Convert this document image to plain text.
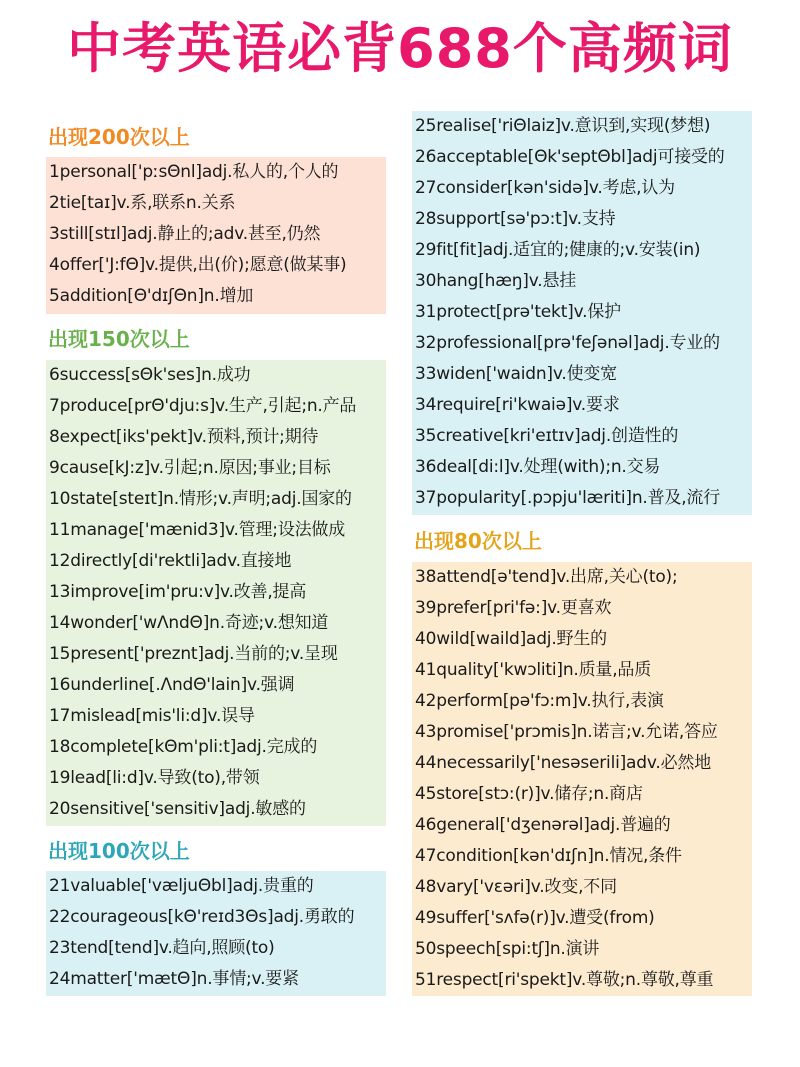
中考英语必背688个高频词
出现200次以上
1personal['pːsΘnl]adj.私人的,个人的
2tie[taɪ]v.系,联系n.关系
3still[stɪl]adj.静止的;adv.甚至,仍然
4offer['J:fΘ]v.提供,出(价);愿意(做某事)
5addition[Θ'dɪʃΘn]n.增加
出现150次以上
6success[sΘk'ses]n.成功
7produce[prΘ'dju:s]v.生产,引起;n.产品
8expect[iks'pekt]v.预料,预计;期待
9cause[kJ:z]v.引起;n.原因;事业;目标
10state[steɪt]n.情形;v.声明;adj.国家的
11manage['mænid3]v.管理;设法做成
12directly[di'rektli]adv.直接地
13improve[im'pru:v]v.改善,提高
14wonder['wΛndΘ]n.奇迹;v.想知道
15present['preznt]adj.当前的;v.呈现
16underline[.ΛndΘ'lain]v.强调
17mislead[mis'li:d]v.误导
18complete[kΘm'pli:t]adj.完成的
19lead[li:d]v.导致(to),带领
20sensitive['sensitiv]adj.敏感的
出现100次以上
21valuable['væljuΘbl]adj.贵重的
22courageous[kΘ'reɪd3Θs]adj.勇敢的
23tend[tend]v.趋向,照顾(to)
24matter['mætΘ]n.事情;v.要紧
25realise['riΘlaiz]v.意识到,实现(梦想)
26acceptable[Θk'septΘbl]adj可接受的
27consider[kən'sidə]v.考虑,认为
28support[sə'pɔ:t]v.支持
29fit[fit]adj.适宜的;健康的;v.安装(in)
30hang[hæŋ]v.悬挂
31protect[prə'tekt]v.保护
32professional[prə'feʃənəl]adj.专业的
33widen['waidn]v.使变宽
34require[ri'kwaiə]v.要求
35creative[kri'eɪtɪv]adj.创造性的
36deal[di:l]v.处理(with);n.交易
37popularity[.pɔpju'læriti]n.普及,流行
出现80次以上
38attend[ə'tend]v.出席,关心(to);
39prefer[pri'fə:]v.更喜欢
40wild[waild]adj.野生的
41quality['kwɔliti]n.质量,品质
42perform[pə'fɔ:m]v.执行,表演
43promise['prɔmis]n.诺言;v.允诺,答应
44necessarily['nesəserili]adv.必然地
45store[stɔ:(r)]v.储存;n.商店
46general['dʒenərəl]adj.普遍的
47condition[kən'dɪʃn]n.情况,条件
48vary['vɛəri]v.改变,不同
49suffer['sʌfə(r)]v.遭受(from)
50speech[spi:tʃ]n.演讲
51respect[ri'spekt]v.尊敬;n.尊敬,尊重
